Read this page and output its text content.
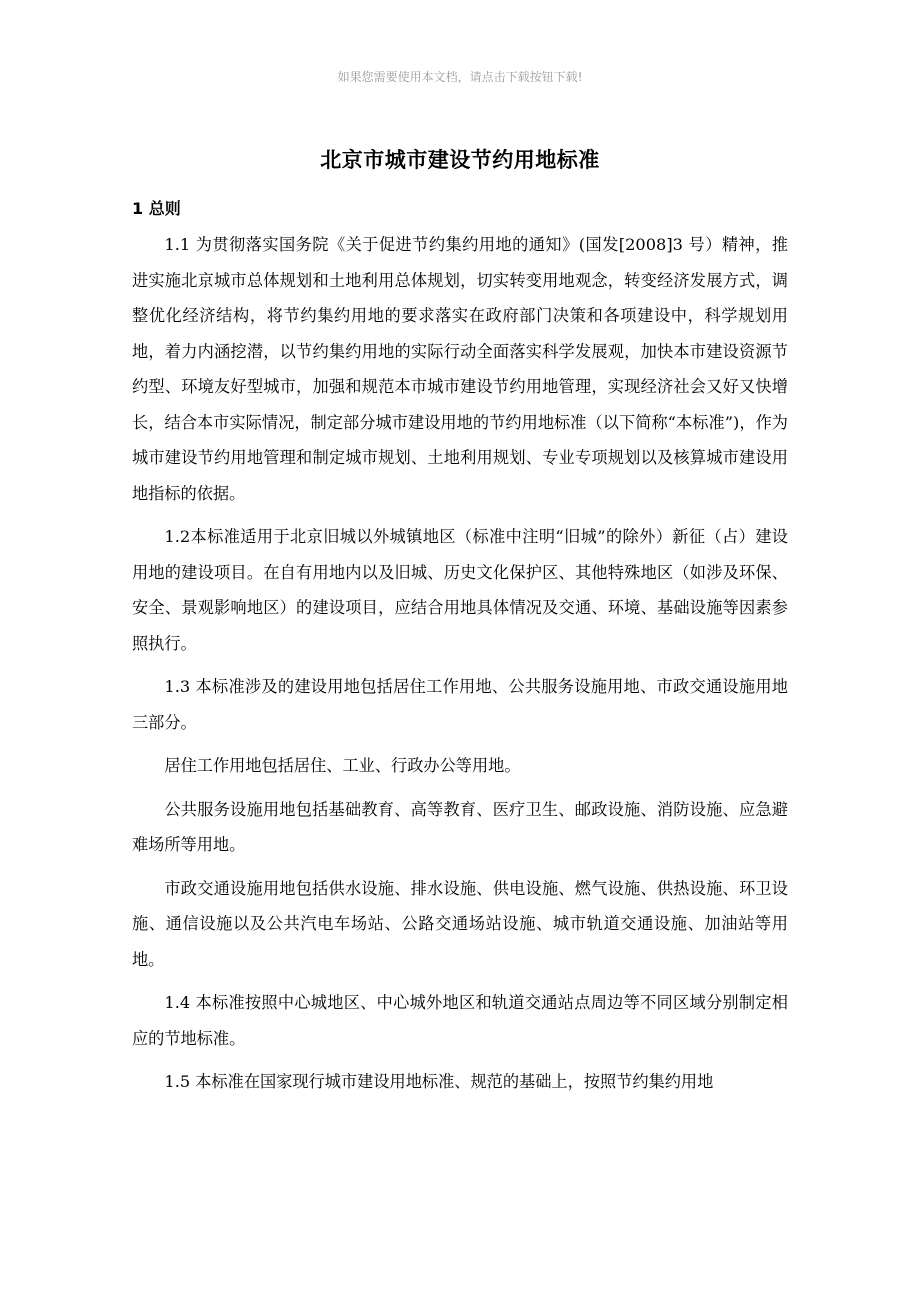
如果您需要使用本文档，请点击下载按钮下载!
北京市城市建设节约用地标准
1 总则

1.1 为贯彻落实国务院《关于促进节约集约用地的通知》(国发[2008]3 号）精神，推进实施北京城市总体规划和土地利用总体规划，切实转变用地观念，转变经济发展方式，调整优化经济结构，将节约集约用地的要求落实在政府部门决策和各项建设中，科学规划用地，着力内涵挖潜，以节约集约用地的实际行动全面落实科学发展观，加快本市建设资源节约型、环境友好型城市，加强和规范本市城市建设节约用地管理，实现经济社会又好又快增长，结合本市实际情况，制定部分城市建设用地的节约用地标准（以下简称“本标准”)，作为城市建设节约用地管理和制定城市规划、土地利用规划、专业专项规划以及核算城市建设用地指标的依据。

1.2本标准适用于北京旧城以外城镇地区（标准中注明“旧城”的除外）新征（占）建设用地的建设项目。在自有用地内以及旧城、历史文化保护区、其他特殊地区（如涉及环保、安全、景观影响地区）的建设项目，应结合用地具体情况及交通、环境、基础设施等因素参照执行。

1.3 本标准涉及的建设用地包括居住工作用地、公共服务设施用地、市政交通设施用地三部分。

居住工作用地包括居住、工业、行政办公等用地。

公共服务设施用地包括基础教育、高等教育、医疗卫生、邮政设施、消防设施、应急避难场所等用地。

市政交通设施用地包括供水设施、排水设施、供电设施、燃气设施、供热设施、环卫设施、通信设施以及公共汽电车场站、公路交通场站设施、城市轨道交通设施、加油站等用地。

1.4 本标准按照中心城地区、中心城外地区和轨道交通站点周边等不同区域分别制定相应的节地标准。

1.5 本标准在国家现行城市建设用地标准、规范的基础上，按照节约集约用地
